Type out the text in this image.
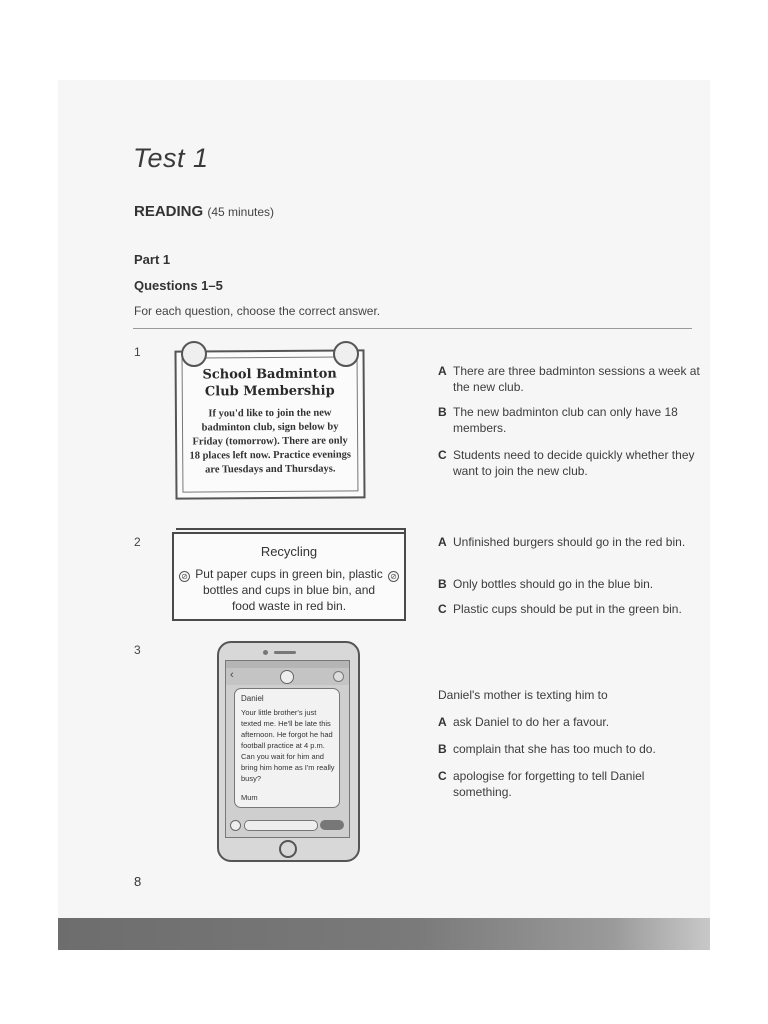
Test 1
READING (45 minutes)
Part 1
Questions 1–5
For each question, choose the correct answer.
1
School Badminton
Club Membership
If you'd like to join the new badminton club, sign below by Friday (tomorrow). There are only 18 places left now. Practice evenings are Tuesdays and Thursdays.
A There are three badminton sessions a week at the new club.
B The new badminton club can only have 18 members.
C Students need to decide quickly whether they want to join the new club.
2
⊘	⊘
Recycling
Put paper cups in green bin, plastic bottles and cups in blue bin, and food waste in red bin.
A Unfinished burgers should go in the red bin.
B Only bottles should go in the blue bin.
C Plastic cups should be put in the green bin.
3
‹
Daniel
Your little brother's just texted me. He'll be late this afternoon. He forgot he had football practice at 4 p.m. Can you wait for him and bring him home as I'm really busy?
Mum
Daniel's mother is texting him to
A ask Daniel to do her a favour.
B complain that she has too much to do.
C apologise for forgetting to tell Daniel something.
8
